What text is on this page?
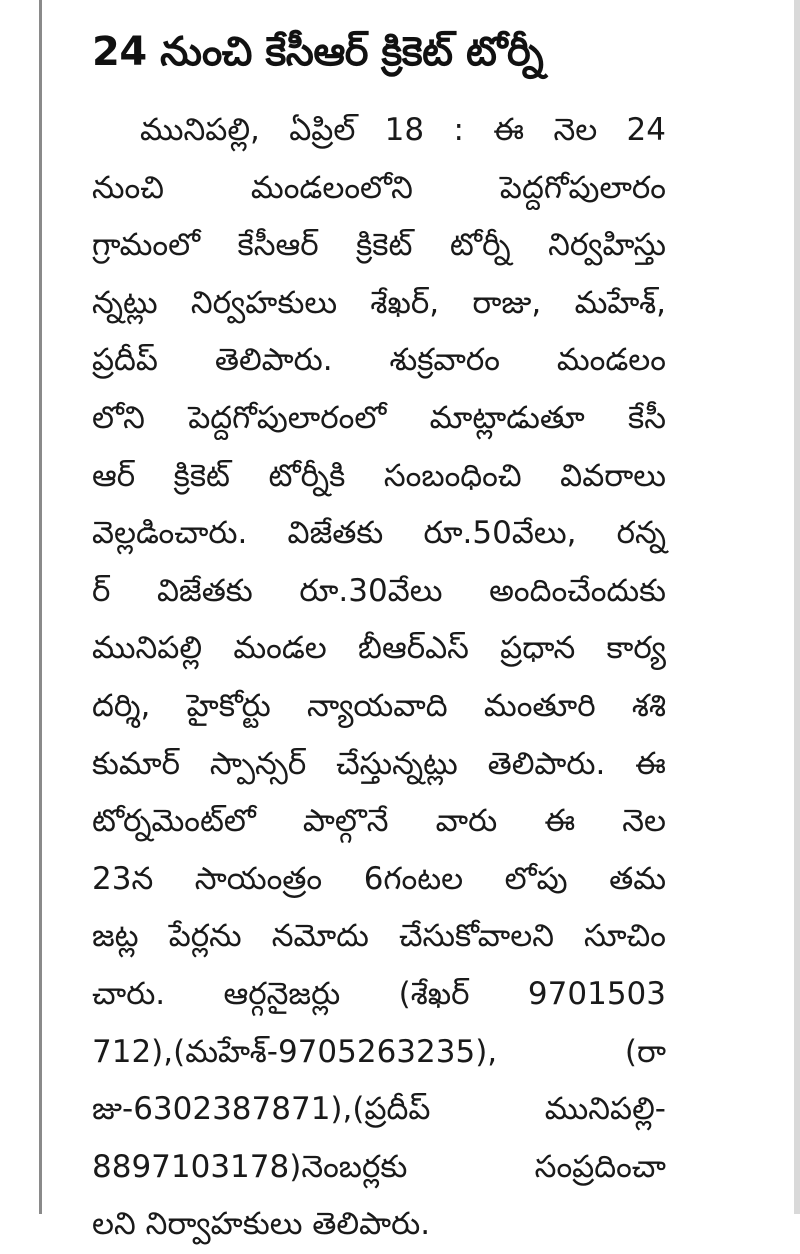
24 నుంచి కేసీఆర్ క్రికెట్ టోర్నీ
మునిపల్లి, ఏప్రిల్ 18 : ఈ నెల 24
నుంచి మండలంలోని పెద్దగోపులారం
గ్రామంలో కేసీఆర్ క్రికెట్ టోర్నీ నిర్వహిస్తు
న్నట్లు నిర్వహకులు శేఖర్, రాజు, మహేశ్,
ప్రదీప్ తెలిపారు. శుక్రవారం మండలం
లోని పెద్దగోపులారంలో మాట్లాడుతూ కేసీ
ఆర్ క్రికెట్ టోర్నీకి సంబంధించి వివరాలు
వెల్లడించారు. విజేతకు రూ.50వేలు, రన్న
ర్ విజేతకు రూ.30వేలు అందించేందుకు
మునిపల్లి మండల బీఆర్ఎస్ ప్రధాన కార్య
దర్శి, హైకోర్టు న్యాయవాది మంతూరి శశి
కుమార్ స్పాన్సర్ చేస్తున్నట్లు తెలిపారు. ఈ
టోర్నమెంట్‌లో పాల్గొనే వారు ఈ నెల
23న సాయంత్రం 6గంటల లోపు తమ
జట్ల పేర్లను నమోదు చేసుకోవాలని సూచిం
చారు. ఆర్గనైజర్లు (శేఖర్ 9701503
712),(మహేశ్-9705263235), (రా
జు-6302387871),(ప్రదీప్ మునిపల్లి-
8897103178)నెంబర్లకు సంప్రదించా
లని నిర్వాహకులు తెలిపారు.
